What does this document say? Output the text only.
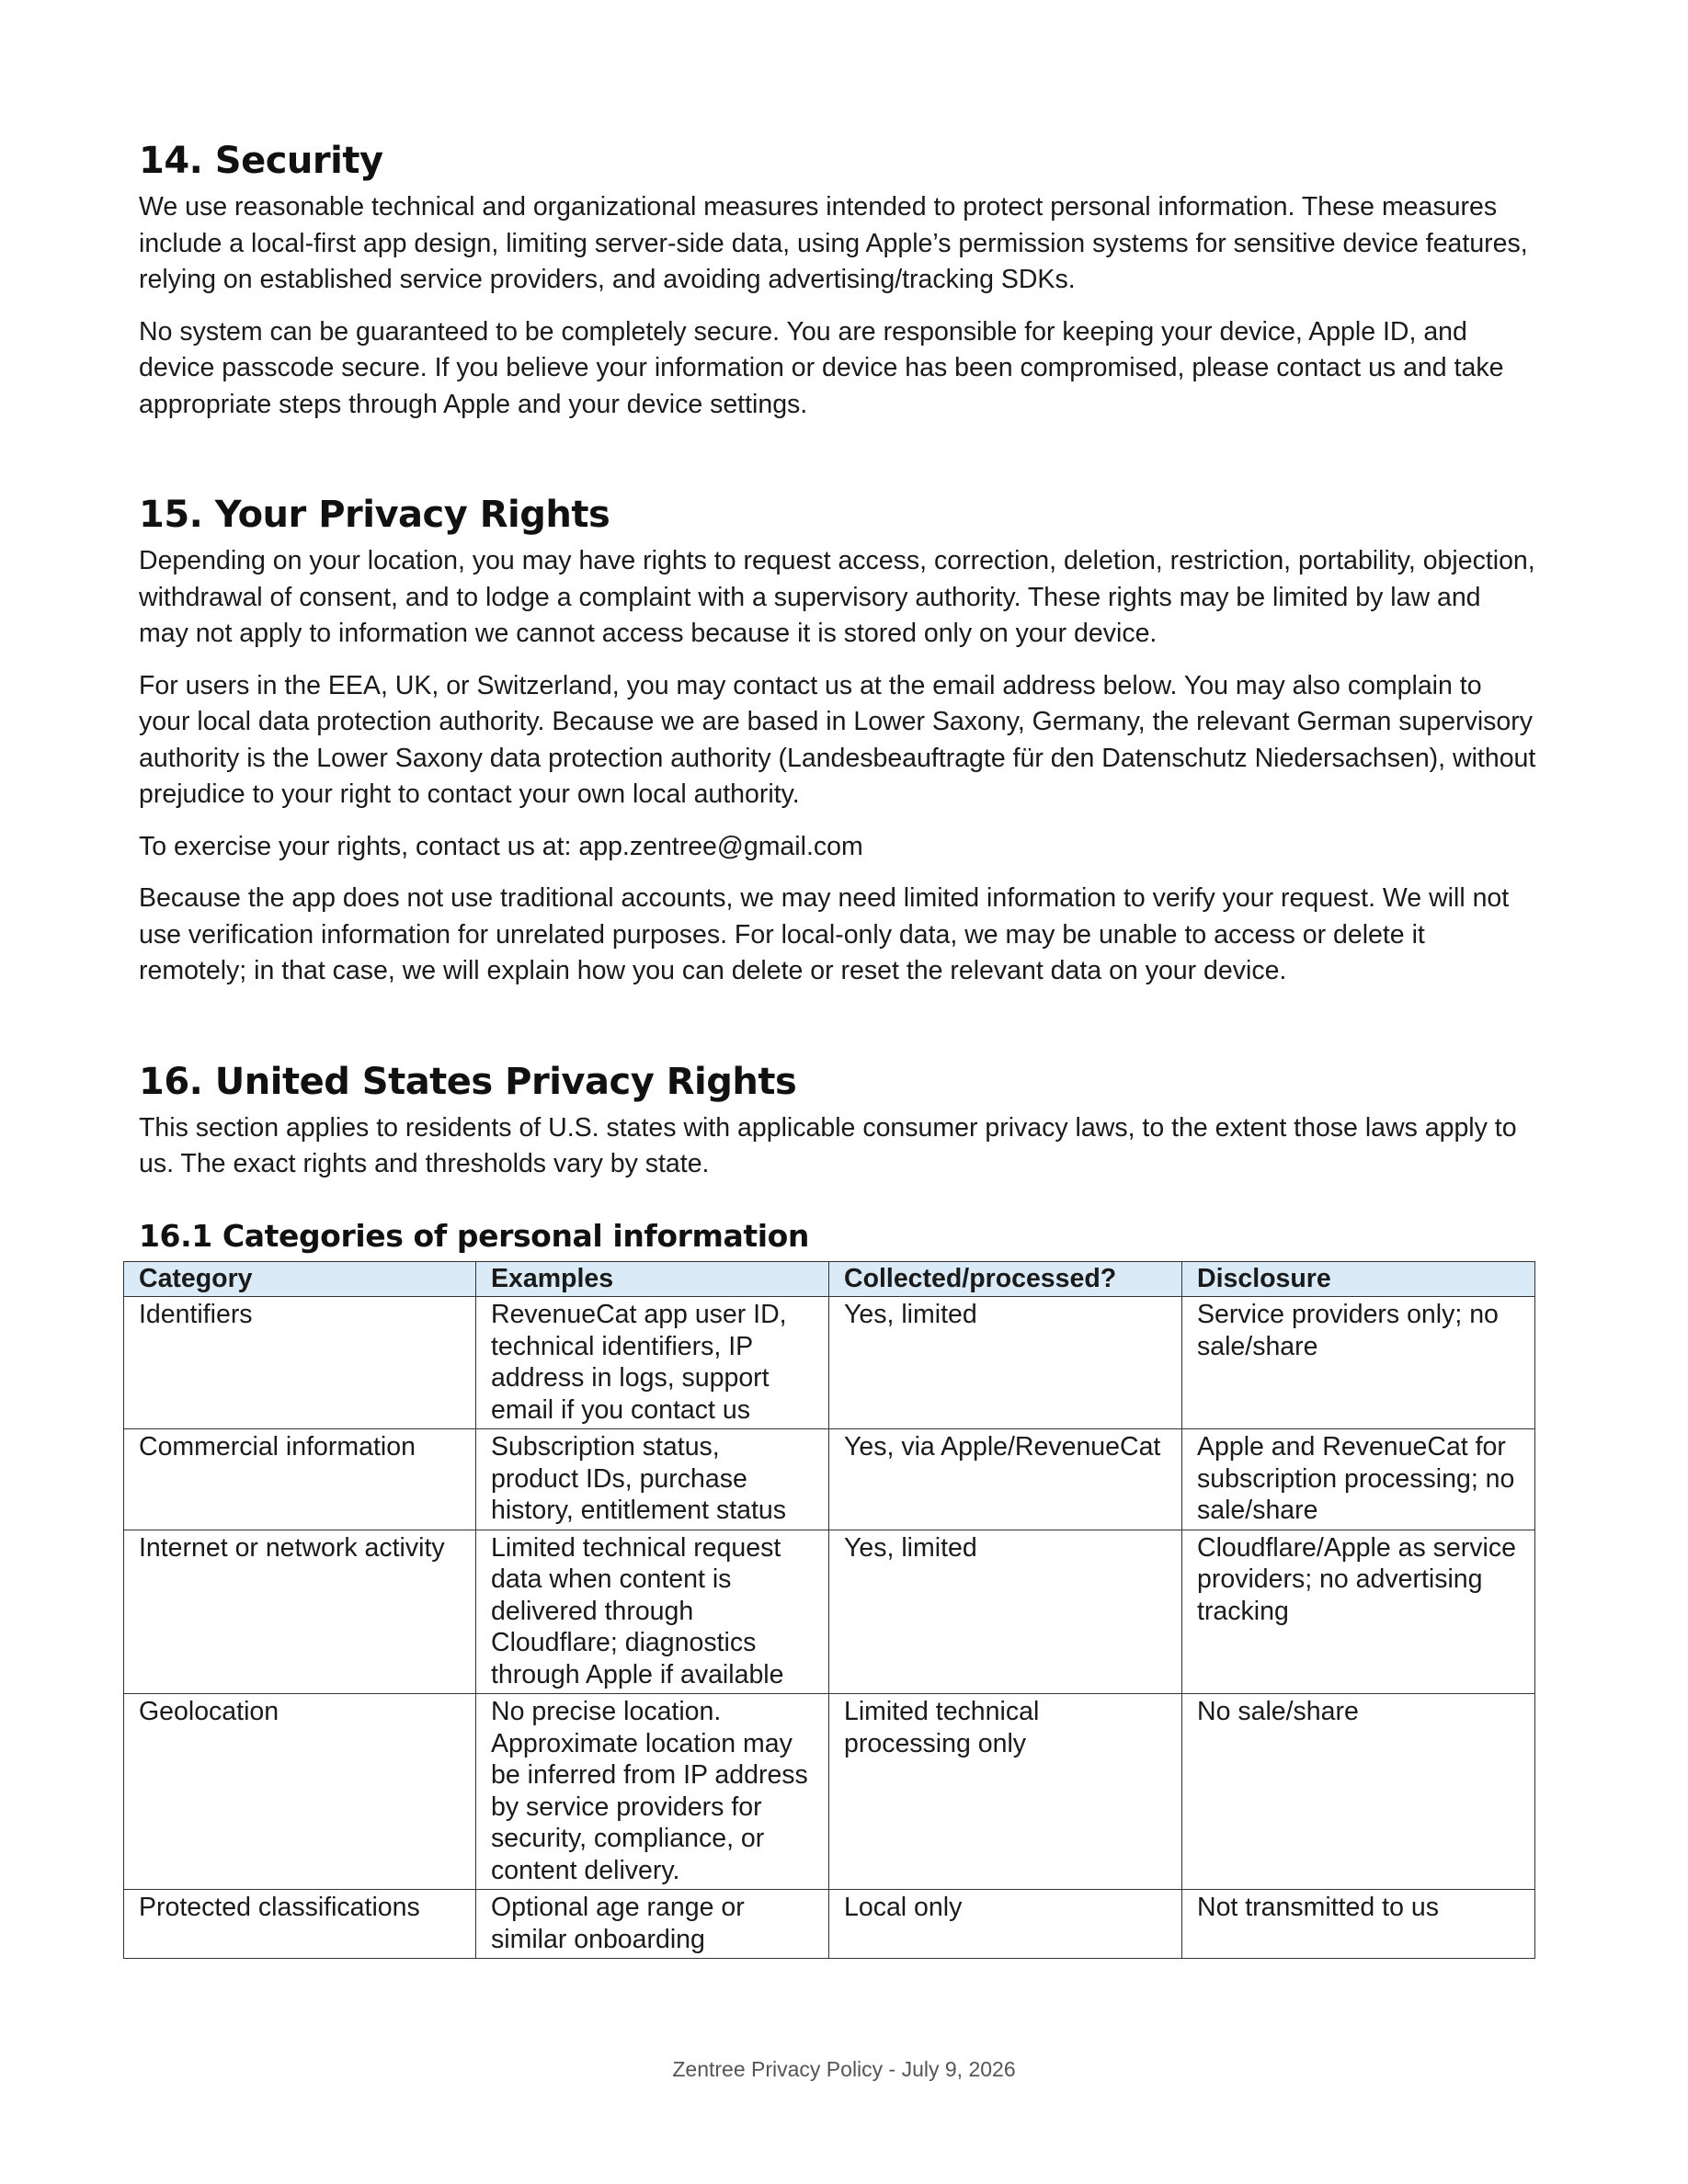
14. Security

We use reasonable technical and organizational measures intended to protect personal information. These measures include a local-first app design, limiting server-side data, using Apple’s permission systems for sensitive device features, relying on established service providers, and avoiding advertising/tracking SDKs.

No system can be guaranteed to be completely secure. You are responsible for keeping your device, Apple ID, and device passcode secure. If you believe your information or device has been compromised, please contact us and take appropriate steps through Apple and your device settings.

15. Your Privacy Rights

Depending on your location, you may have rights to request access, correction, deletion, restriction, portability, objection, withdrawal of consent, and to lodge a complaint with a supervisory authority. These rights may be limited by law and may not apply to information we cannot access because it is stored only on your device.

For users in the EEA, UK, or Switzerland, you may contact us at the email address below. You may also complain to your local data protection authority. Because we are based in Lower Saxony, Germany, the relevant German supervisory authority is the Lower Saxony data protection authority (Landesbeauftragte für den Datenschutz Niedersachsen), without prejudice to your right to contact your own local authority.

To exercise your rights, contact us at: app.zentree@gmail.com

Because the app does not use traditional accounts, we may need limited information to verify your request. We will not use verification information for unrelated purposes. For local-only data, we may be unable to access or delete it remotely; in that case, we will explain how you can delete or reset the relevant data on your device.

16. United States Privacy Rights

This section applies to residents of U.S. states with applicable consumer privacy laws, to the extent those laws apply to us. The exact rights and thresholds vary by state.

16.1 Categories of personal information
Category	Examples	Collected/processed?	Disclosure
Identifiers	RevenueCat app user ID, technical identifiers, IP address in logs, support email if you contact us	Yes, limited	Service providers only; no sale/share
Commercial information	Subscription status, product IDs, purchase history, entitlement status	Yes, via Apple/RevenueCat	Apple and RevenueCat for subscription processing; no sale/share
Internet or network activity	Limited technical request data when content is delivered through Cloudflare; diagnostics through Apple if available	Yes, limited	Cloudflare/Apple as service providers; no advertising tracking
Geolocation	No precise location. Approximate location may be inferred from IP address by service providers for security, compliance, or content delivery.	Limited technical processing only	No sale/share
Protected classifications	Optional age range or similar onboarding	Local only	Not transmitted to us
Zentree Privacy Policy - July 9, 2026
